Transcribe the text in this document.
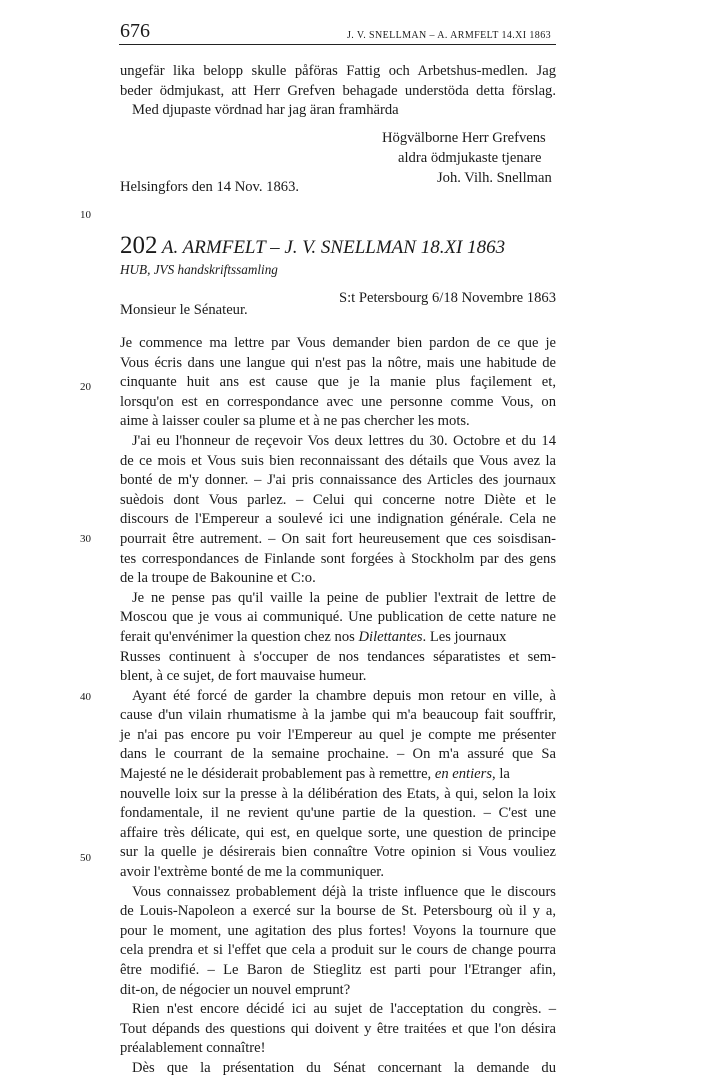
676	J. V. SNELLMAN – A. ARMFELT 14.XI 1863
ungefär lika belopp skulle påföras Fattig och Arbetshus-medlen. Jag
beder ödmjukast, att Herr Grefven behagade understöda detta förslag.
Med djupaste vördnad har jag äran framhärda
Högvälborne Herr Grefvens
aldra ödmjukaste tjenare
Joh. Vilh. Snellman
Helsingfors den 14 Nov. 1863.
10
20
30
40
50
202 A. ARMFELT – J. V. SNELLMAN 18.XI 1863
HUB, JVS handskriftssamling
S:t Petersbourg 6/18 Novembre 1863
Monsieur le Sénateur.
Je commence ma lettre par Vous demander bien pardon de ce que je
Vous écris dans une langue qui n'est pas la nôtre, mais une habitude de
cinquante huit ans est cause que je la manie plus façilement et,
lorsqu'on est en correspondance avec une personne comme Vous, on
aime à laisser couler sa plume et à ne pas chercher les mots.
J'ai eu l'honneur de reçevoir Vos deux lettres du 30. Octobre et du 14
de ce mois et Vous suis bien reconnaissant des détails que Vous avez la
bonté de m'y donner. – J'ai pris connaissance des Articles des journaux
suèdois dont Vous parlez. – Celui qui concerne notre Diète et le
discours de l'Empereur a soulevé ici une indignation générale. Cela ne
pourrait être autrement. – On sait fort heureusement que ces soisdisan-
tes correspondances de Finlande sont forgées à Stockholm par des gens
de la troupe de Bakounine et C:o.
Je ne pense pas qu'il vaille la peine de publier l'extrait de lettre de
Moscou que je vous ai communiqué. Une publication de cette nature ne
ferait qu'envénimer la question chez nos Dilettantes. Les journaux
Russes continuent à s'occuper de nos tendances séparatistes et sem-
blent, à ce sujet, de fort mauvaise humeur.
Ayant été forcé de garder la chambre depuis mon retour en ville, à
cause d'un vilain rhumatisme à la jambe qui m'a beaucoup fait souffrir,
je n'ai pas encore pu voir l'Empereur au quel je compte me présenter
dans le courrant de la semaine prochaine. – On m'a assuré que Sa
Majesté ne le désiderait probablement pas à remettre, en entiers, la
nouvelle loix sur la presse à la délibération des Etats, à qui, selon la loix
fondamentale, il ne revient qu'une partie de la question. – C'est une
affaire très délicate, qui est, en quelque sorte, une question de principe
sur la quelle je désirerais bien connaître Votre opinion si Vous vouliez
avoir l'extrème bonté de me la communiquer.
Vous connaissez probablement déjà la triste influence que le discours
de Louis-Napoleon a exercé sur la bourse de St. Petersbourg où il y a,
pour le moment, une agitation des plus fortes! Voyons la tournure que
cela prendra et si l'effet que cela a produit sur le cours de change pourra
être modifié. – Le Baron de Stieglitz est parti pour l'Etranger afin,
dit-on, de négocier un nouvel emprunt?
Rien n'est encore décidé ici au sujet de l'acceptation du congrès. –
Tout dépands des questions qui doivent y être traitées et que l'on désira
préalablement connaître!
Dès que la présentation du Sénat concernant la demande du
